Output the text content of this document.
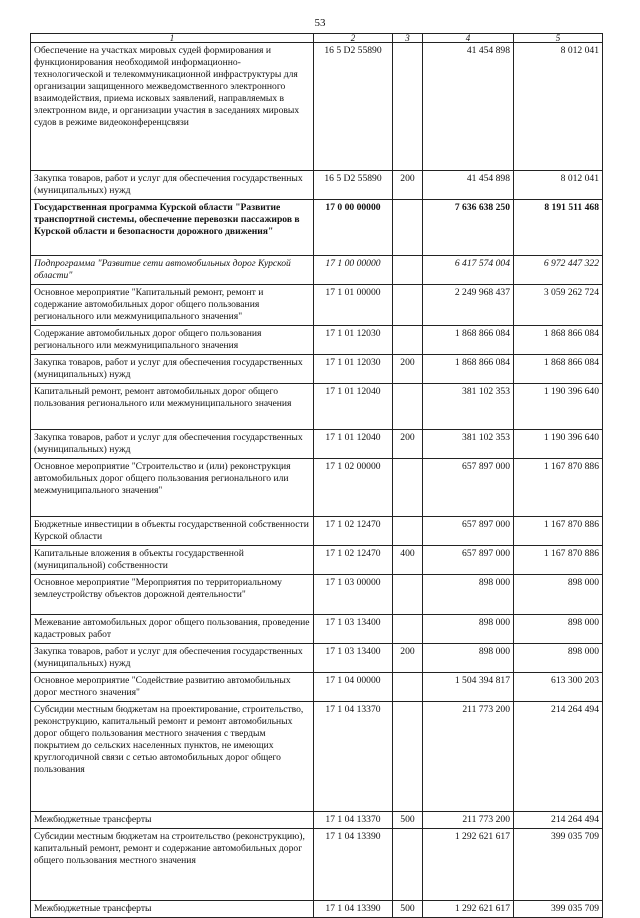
53
1	2	3	4	5
Обеспечение на участках мировых судей формирования и функционирования необходимой информационно-технологической и телекоммуникационной инфраструктуры для организации защищенного межведомственного электронного взаимодействия, приема исковых заявлений, направляемых в электронном виде, и организации участия в заседаниях мировых судов в режиме видеоконференцсвязи	16 5 D2 55890		41 454 898	8 012 041
Закупка товаров, работ и услуг для обеспечения государственных (муниципальных) нужд	16 5 D2 55890	200	41 454 898	8 012 041
Государственная программа Курской области "Развитие транспортной системы, обеспечение перевозки пассажиров в Курской области и безопасности дорожного движения"	17 0 00 00000		7 636 638 250	8 191 511 468
Подпрограмма "Развитие сети автомобильных дорог Курской области"	17 1 00 00000		6 417 574 004	6 972 447 322
Основное мероприятие "Капитальный ремонт, ремонт и содержание автомобильных дорог общего пользования регионального или межмуниципального значения"	17 1 01 00000		2 249 968 437	3 059 262 724
Содержание автомобильных дорог общего пользования регионального или межмуниципального значения	17 1 01 12030		1 868 866 084	1 868 866 084
Закупка товаров, работ и услуг для обеспечения государственных (муниципальных) нужд	17 1 01 12030	200	1 868 866 084	1 868 866 084
Капитальный ремонт, ремонт автомобильных дорог общего пользования регионального или межмуниципального значения	17 1 01 12040		381 102 353	1 190 396 640
Закупка товаров, работ и услуг для обеспечения государственных (муниципальных) нужд	17 1 01 12040	200	381 102 353	1 190 396 640
Основное мероприятие "Строительство и (или) реконструкция автомобильных дорог общего пользования регионального или межмуниципального значения"	17 1 02 00000		657 897 000	1 167 870 886
Бюджетные инвестиции в объекты государственной собственности Курской области	17 1 02 12470		657 897 000	1 167 870 886
Капитальные вложения в объекты государственной (муниципальной) собственности	17 1 02 12470	400	657 897 000	1 167 870 886
Основное мероприятие "Мероприятия по территориальному землеустройству объектов дорожной деятельности"	17 1 03 00000		898 000	898 000
Межевание автомобильных дорог общего пользования, проведение кадастровых работ	17 1 03 13400		898 000	898 000
Закупка товаров, работ и услуг для обеспечения государственных (муниципальных) нужд	17 1 03 13400	200	898 000	898 000
Основное мероприятие "Содействие развитию автомобильных дорог местного значения"	17 1 04 00000		1 504 394 817	613 300 203
Субсидии местным бюджетам на проектирование, строительство, реконструкцию, капитальный ремонт и ремонт автомобильных дорог общего пользования местного значения с твердым покрытием до сельских населенных пунктов, не имеющих круглогодичной связи с сетью автомобильных дорог общего пользования	17 1 04 13370		211 773 200	214 264 494
Межбюджетные трансферты	17 1 04 13370	500	211 773 200	214 264 494
Субсидии местным бюджетам на строительство (реконструкцию), капитальный ремонт, ремонт и содержание автомобильных дорог общего пользования местного значения	17 1 04 13390		1 292 621 617	399 035 709
Межбюджетные трансферты	17 1 04 13390	500	1 292 621 617	399 035 709
